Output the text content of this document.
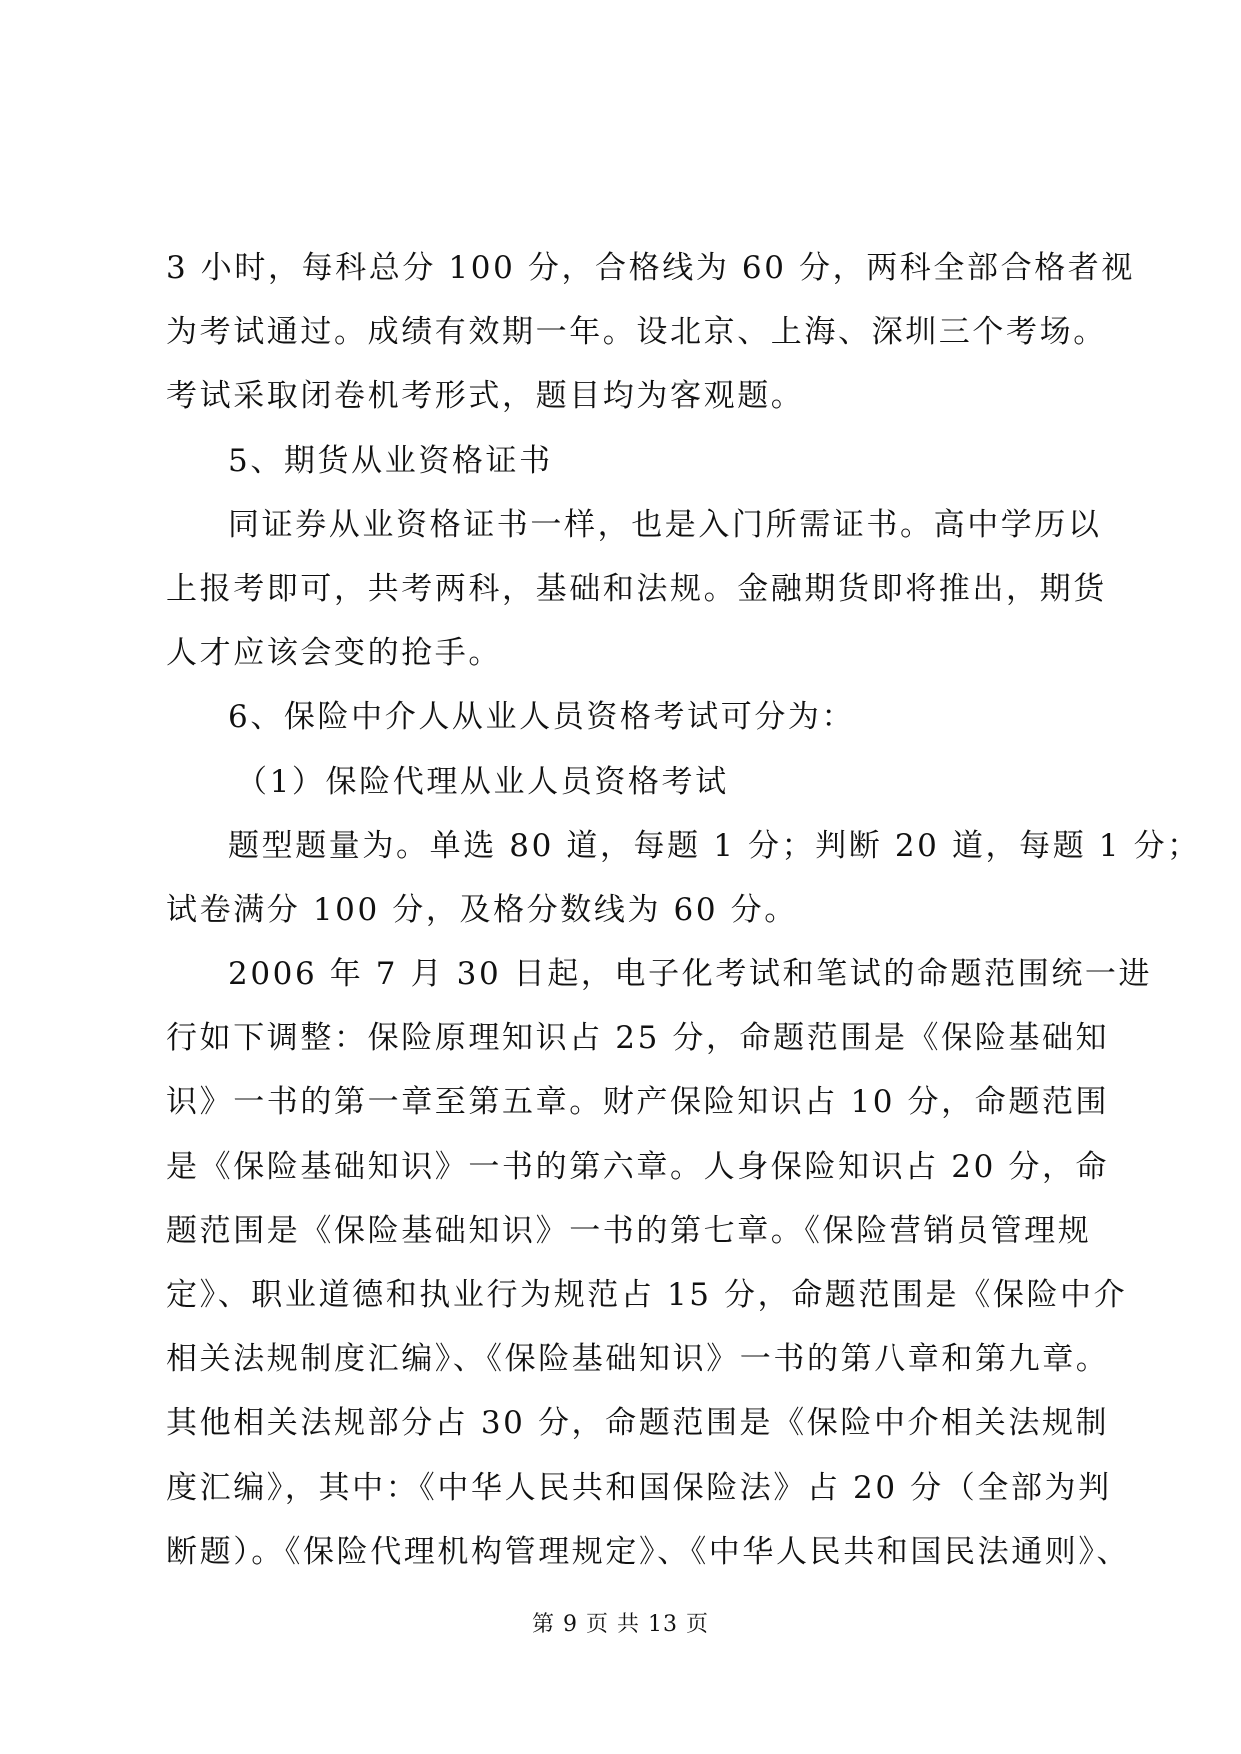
3 小时，每科总分 100 分，合格线为 60 分，两科全部合格者视
为考试通过。成绩有效期一年。设北京、上海、深圳三个考场。
考试采取闭卷机考形式，题目均为客观题。
5、期货从业资格证书
同证券从业资格证书一样，也是入门所需证书。高中学历以
上报考即可，共考两科，基础和法规。金融期货即将推出，期货
人才应该会变的抢手。
6、保险中介人从业人员资格考试可分为：
（1）保险代理从业人员资格考试
题型题量为。单选 80 道，每题 1 分；判断 20 道，每题 1 分；
试卷满分 100 分，及格分数线为 60 分。
2006 年 7 月 30 日起，电子化考试和笔试的命题范围统一进
行如下调整：保险原理知识占 25 分，命题范围是《保险基础知
识》一书的第一章至第五章。财产保险知识占 10 分，命题范围
是《保险基础知识》一书的第六章。人身保险知识占 20 分，命
题范围是《保险基础知识》一书的第七章。《保险营销员管理规
定》、职业道德和执业行为规范占 15 分，命题范围是《保险中介
相关法规制度汇编》、《保险基础知识》一书的第八章和第九章。
其他相关法规部分占 30 分，命题范围是《保险中介相关法规制
度汇编》，其中：《中华人民共和国保险法》占 20 分（全部为判
断题）。《保险代理机构管理规定》、《中华人民共和国民法通则》、
第 9 页 共 13 页
